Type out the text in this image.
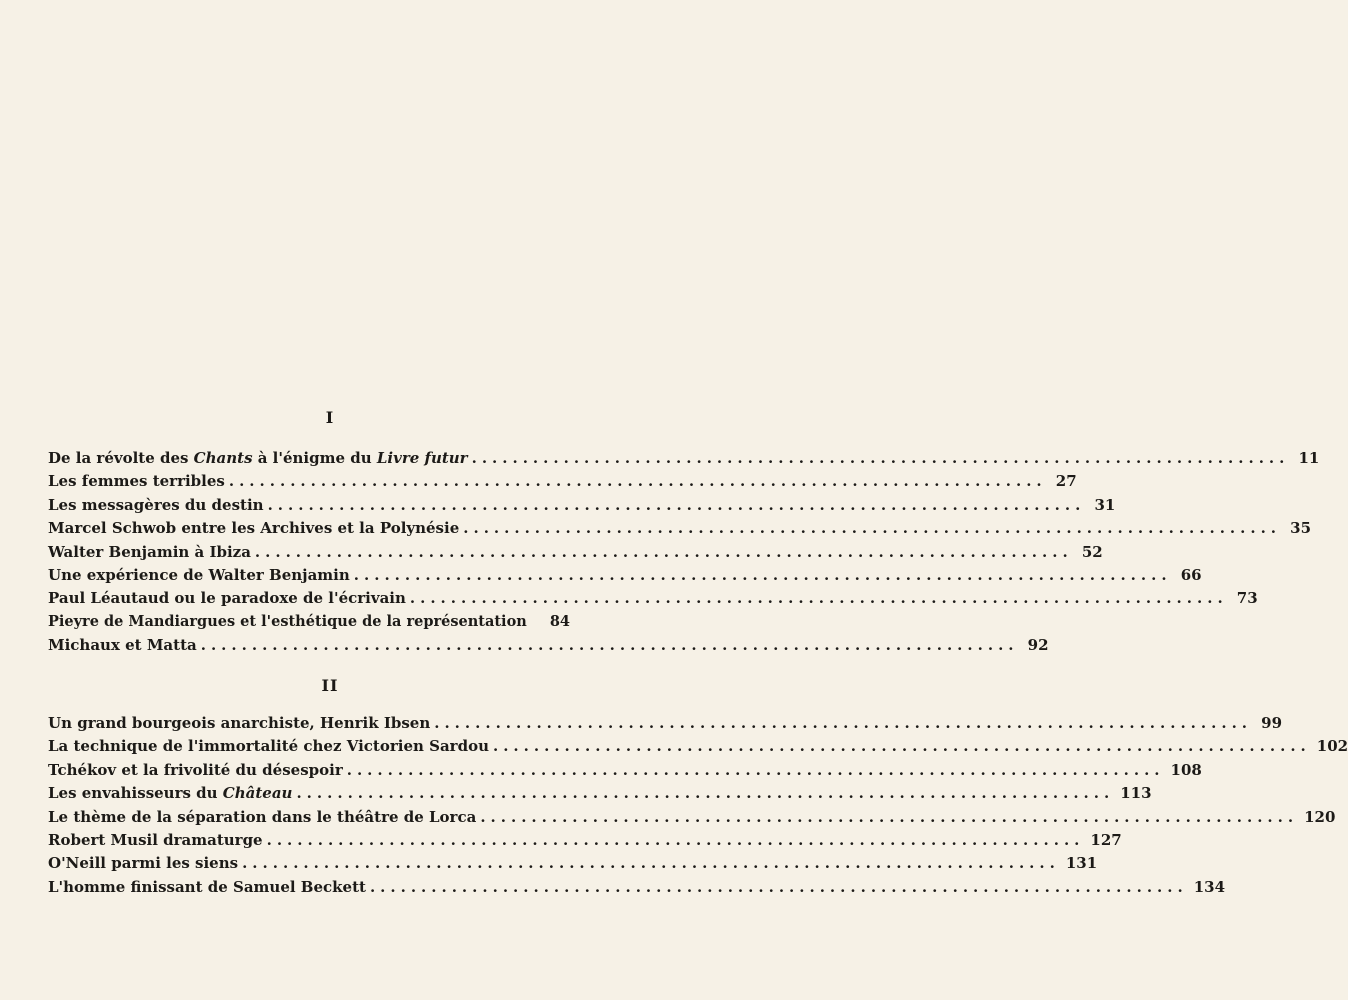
I
De la révolte des Chants à l'énigme du Livre futur ................................................................................ 11
Les femmes terribles ................................................................................ 27
Les messagères du destin ................................................................................ 31
Marcel Schwob entre les Archives et la Polynésie ................................................................................ 35
Walter Benjamin à Ibiza ................................................................................ 52
Une expérience de Walter Benjamin ................................................................................ 66
Paul Léautaud ou le paradoxe de l'écrivain ................................................................................ 73
Pieyre de Mandiargues et l'esthétique de la représentation 84
Michaux et Matta ................................................................................ 92
II
Un grand bourgeois anarchiste, Henrik Ibsen ................................................................................ 99
La technique de l'immortalité chez Victorien Sardou ................................................................................ 102
Tchékov et la frivolité du désespoir ................................................................................ 108
Les envahisseurs du Château ................................................................................ 113
Le thème de la séparation dans le théâtre de Lorca ................................................................................ 120
Robert Musil dramaturge ................................................................................ 127
O'Neill parmi les siens ................................................................................ 131
L'homme finissant de Samuel Beckett ................................................................................ 134
